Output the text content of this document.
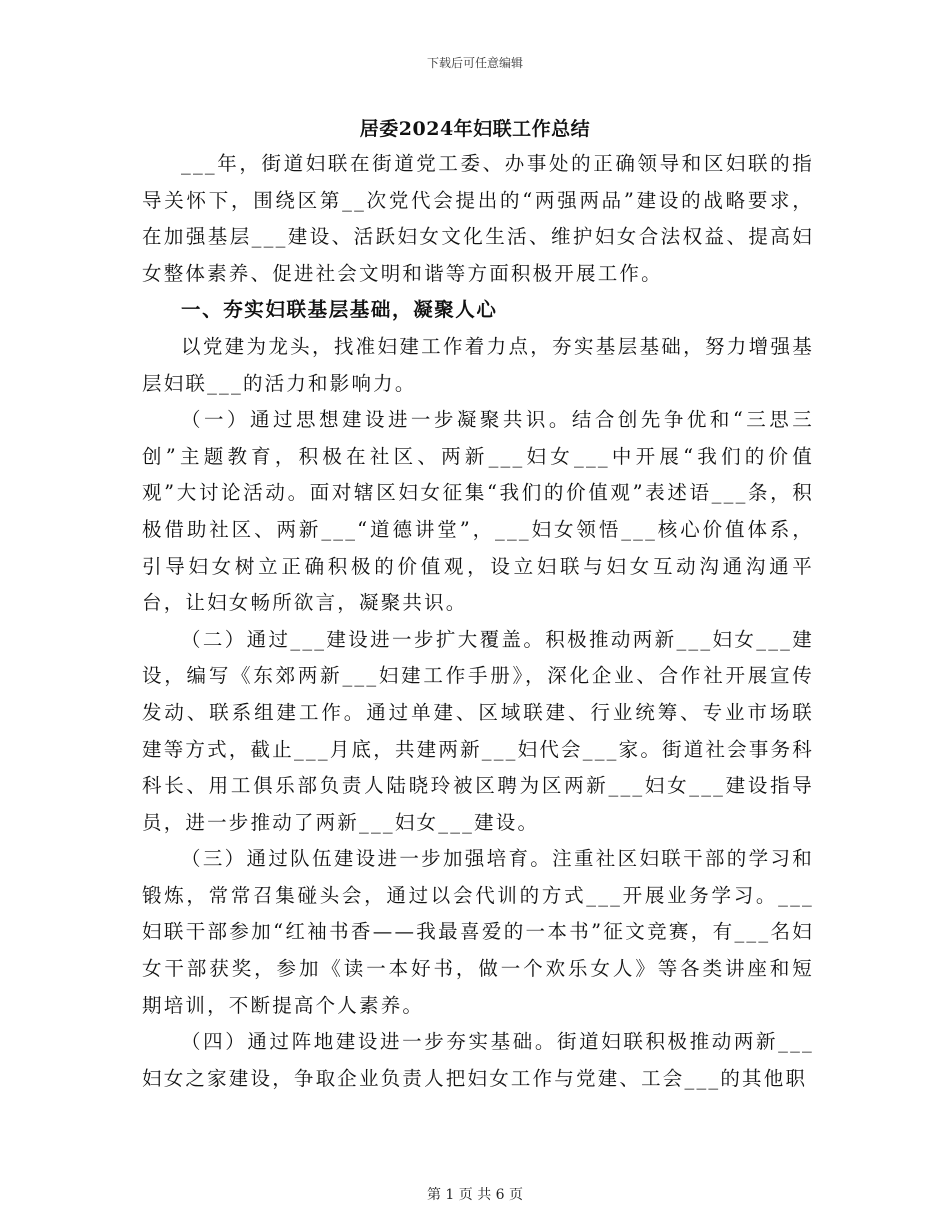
下载后可任意编辑
居委2024年妇联工作总结

___年，街道妇联在街道党工委、办事处的正确领导和区妇联的指导关怀下，围绕区第__次党代会提出的“两强两品”建设的战略要求，在加强基层___建设、活跃妇女文化生活、维护妇女合法权益、提高妇女整体素养、促进社会文明和谐等方面积极开展工作。

一、夯实妇联基层基础，凝聚人心

以党建为龙头，找准妇建工作着力点，夯实基层基础，努力增强基层妇联___的活力和影响力。

（一）通过思想建设进一步凝聚共识。结合创先争优和“三思三创”主题教育，积极在社区、两新___妇女___中开展“我们的价值观”大讨论活动。面对辖区妇女征集“我们的价值观”表述语___条，积极借助社区、两新___“道德讲堂”，___妇女领悟___核心价值体系，引导妇女树立正确积极的价值观，设立妇联与妇女互动沟通沟通平台，让妇女畅所欲言，凝聚共识。

（二）通过___建设进一步扩大覆盖。积极推动两新___妇女___建设，编写《东郊两新___妇建工作手册》，深化企业、合作社开展宣传发动、联系组建工作。通过单建、区域联建、行业统筹、专业市场联建等方式，截止___月底，共建两新___妇代会___家。街道社会事务科科长、用工俱乐部负责人陆晓玲被区聘为区两新___妇女___建设指导员，进一步推动了两新___妇女___建设。

（三）通过队伍建设进一步加强培育。注重社区妇联干部的学习和锻炼，常常召集碰头会，通过以会代训的方式___开展业务学习。___妇联干部参加“红袖书香——我最喜爱的一本书”征文竞赛，有___名妇女干部获奖，参加《读一本好书，做一个欢乐女人》等各类讲座和短期培训，不断提高个人素养。

（四）通过阵地建设进一步夯实基础。街道妇联积极推动两新___妇女之家建设，争取企业负责人把妇女工作与党建、工会___的其他职

第 1 页 共 6 页
